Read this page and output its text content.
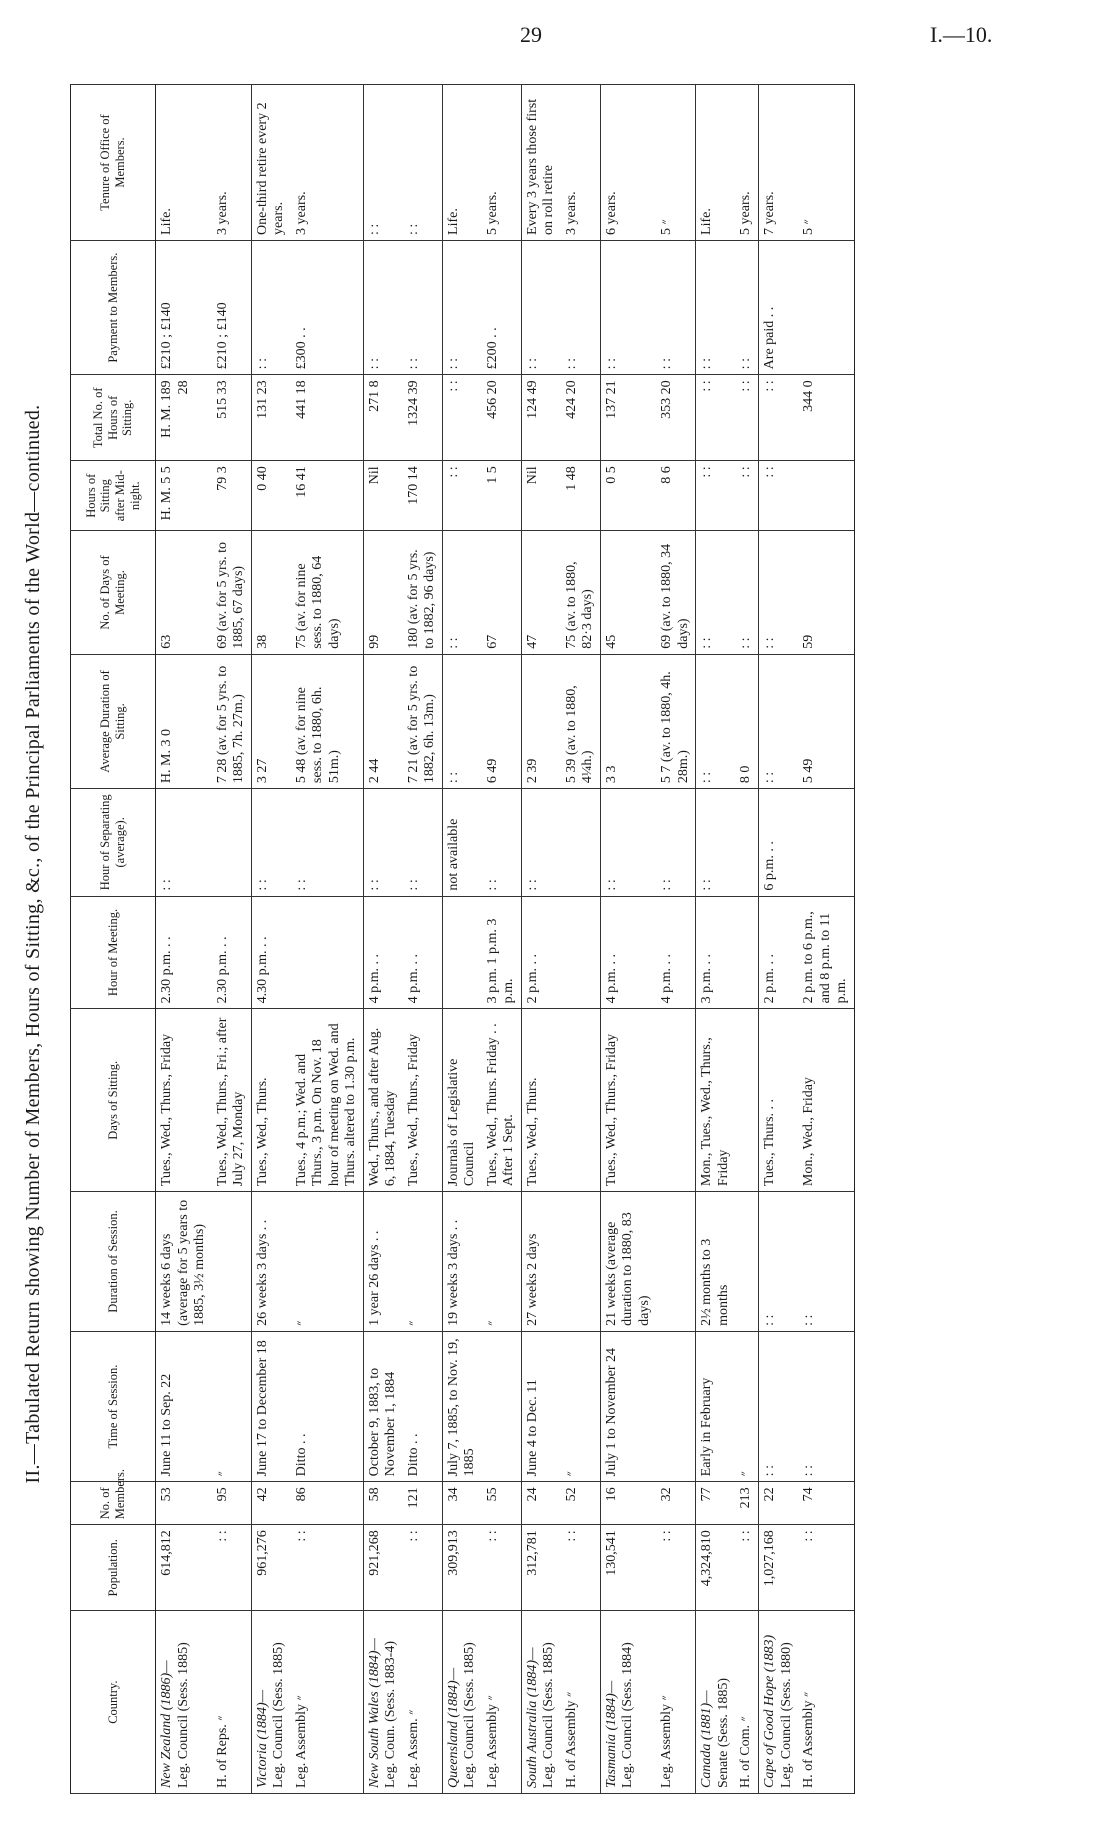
29	I.—10.
II.—Tabulated Return showing Number of Members, Hours of Sitting, &c., of the Principal Parliaments of the World—continued.
Country.	Population.	No. of Members.	Time of Session.	Duration of Session.	Days of Sitting.	Hour of Meeting.	Hour of Separating (average).	Average Duration of Sitting.	No. of Days of Meeting.	Hours of Sitting after Mid-night.	Total No. of Hours of Sitting.	Payment to Members.	Tenure of Office of Members.

New Zealand (1886)— Leg. Council (Sess. 1885)	614,812	53	June 11 to Sep. 22	14 weeks 6 days (average for 5 years to 1885, 3½ months)	Tues., Wed., Thurs., Friday	2.30 p.m. . .	: :	H. M. 3 0	63	H. M. 5 5	H. M. 189 28	£210 ; £140	Life.

H. of Reps. ״	: :	95	״		Tues., Wed., Thurs., Fri.; after July 27, Monday	2.30 p.m. . .		7 28 (av. for 5 yrs. to 1885, 7h. 27m.)	69 (av. for 5 yrs. to 1885, 67 days)	79 3	515 33	£210 ; £140	3 years.

Victoria (1884)— Leg. Council (Sess. 1885)	961,276	42	June 17 to December 18	26 weeks 3 days . .	Tues., Wed., Thurs.	4.30 p.m. . .	: :	3 27	38	0 40	131 23	: :	One-third retire every 2 years.

Leg. Assembly ״	: :	86	Ditto . .	״	Tues., 4 p.m.; Wed. and Thurs., 3 p.m. On Nov. 18 hour of meeting on Wed. and Thurs. altered to 1.30 p.m.		: :	5 48 (av. for nine sess. to 1880, 6h. 51m.)	75 (av. for nine sess. to 1880, 64 days)	16 41	441 18	£300 . .	3 years.

New South Wales (1884)— Leg. Coun. (Sess. 1883-4)	921,268	58	October 9, 1883, to November 1, 1884	1 year 26 days . .	Wed., Thurs., and after Aug. 6, 1884, Tuesday	4 p.m. . .	: :	2 44	99	Nil	271 8	: :	: :

Leg. Assem. ״	: :	121	Ditto . .	״	Tues., Wed., Thurs., Friday	4 p.m. . .	: :	7 21 (av. for 5 yrs. to 1882, 6h. 13m.)	180 (av. for 5 yrs. to 1882, 96 days)	170 14	1324 39	: :	: :

Queensland (1884)— Leg. Council (Sess. 1885)	309,913	34	July 7, 1885, to Nov. 19, 1885	19 weeks 3 days . .	Journals of Legislative Council		not available	: :	: :	: :	: :	: :	Life.

Leg. Assembly ״	: :	55		״	Tues., Wed., Thurs. Friday . . After 1 Sept.	3 p.m. 1 p.m. 3 p.m.	: :	6 49	67	1 5	456 20	£200 . .	5 years.

South Australia (1884)— Leg. Council (Sess. 1885)	312,781	24	June 4 to Dec. 11	27 weeks 2 days	Tues., Wed., Thurs.	2 p.m. . .	: :	2 39	47	Nil	124 49	: :	Every 3 years those first on roll retire

H. of Assembly ״	: :	52	״					5 39 (av. to 1880, 4¼h.)	75 (av. to 1880, 82·3 days)	1 48	424 20	: :	3 years.

Tasmania (1884)— Leg. Council (Sess. 1884)	130,541	16	July 1 to November 24	21 weeks (average duration to 1880, 83 days)	Tues., Wed., Thurs., Friday	4 p.m. . .	: :	3 3	45	0 5	137 21	: :	6 years.

Leg. Assembly ״	: :	32				4 p.m. . .	: :	5 7 (av. to 1880, 4h. 28m.)	69 (av. to 1880, 34 days)	8 6	353 20	: :	5 ״

Canada (1881)— Senate (Sess. 1885)	4,324,810	77	Early in February	2½ months to 3 months	Mon., Tues., Wed., Thurs., Friday	3 p.m. . .	: :	: :	: :	: :	: :	: :	Life.

H. of Com. ״	: :	213	״					8 0	: :	: :	: :	: :	5 years.

Cape of Good Hope (1883) Leg. Council (Sess. 1880)	1,027,168	22	: :	: :	Tues., Thurs. . .	2 p.m. . .	6 p.m. . .	: :	: :	: :	: :	Are paid . .	7 years.

H. of Assembly ״	: :	74	: :	: :	Mon., Wed., Friday	2 p.m. to 6 p.m., and 8 p.m. to 11 p.m.		5 49	59		344 0		5 ״
